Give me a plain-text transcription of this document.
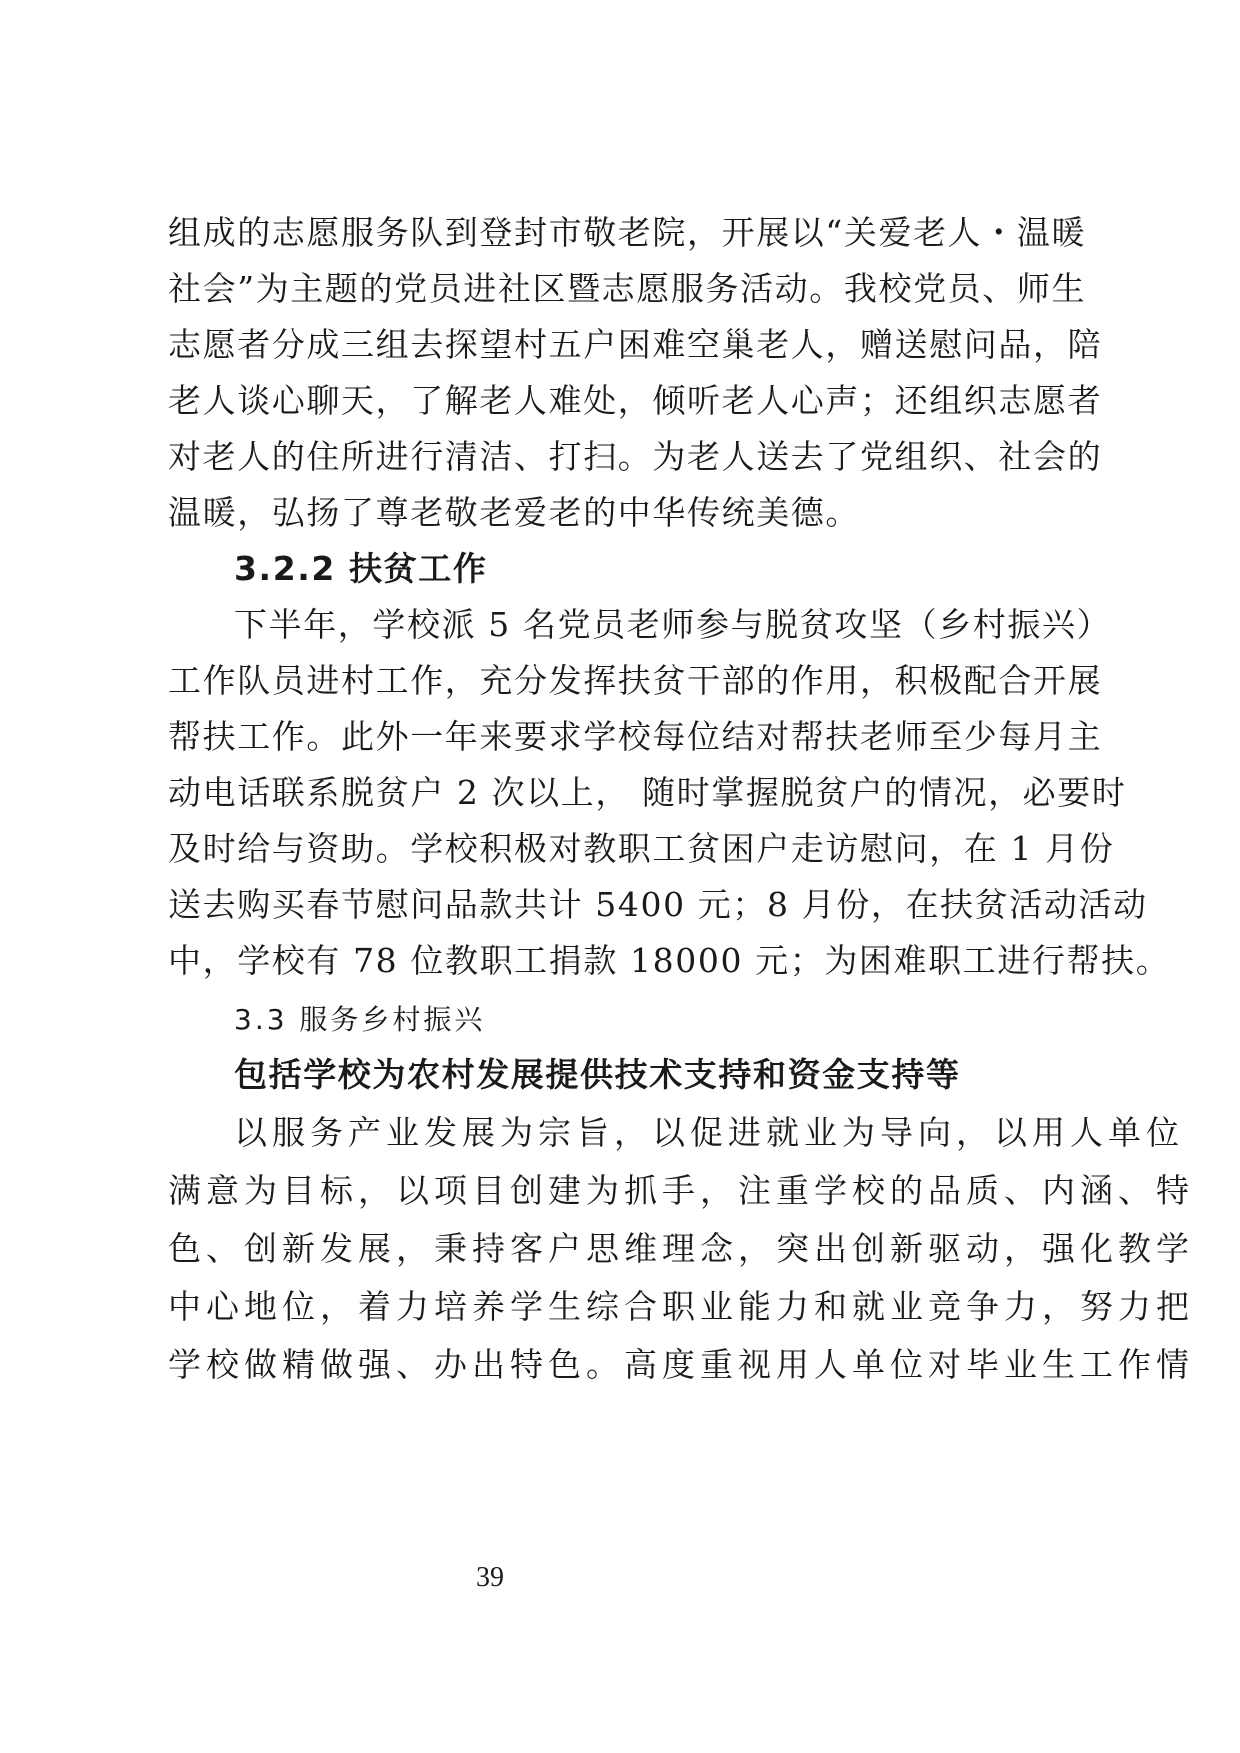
组成的志愿服务队到登封市敬老院，开展以“关爱老人・温暖
社会”为主题的党员进社区暨志愿服务活动。我校党员、师生
志愿者分成三组去探望村五户困难空巢老人，赠送慰问品，陪
老人谈心聊天，了解老人难处，倾听老人心声；还组织志愿者
对老人的住所进行清洁、打扫。为老人送去了党组织、社会的
温暖，弘扬了尊老敬老爱老的中华传统美德。
3.2.2 扶贫工作
下半年，学校派 5 名党员老师参与脱贫攻坚（乡村振兴）
工作队员进村工作，充分发挥扶贫干部的作用，积极配合开展
帮扶工作。此外一年来要求学校每位结对帮扶老师至少每月主
动电话联系脱贫户 2 次以上， 随时掌握脱贫户的情况，必要时
及时给与资助。学校积极对教职工贫困户走访慰问，在 1 月份
送去购买春节慰问品款共计 5400 元；8 月份，在扶贫活动活动
中，学校有 78 位教职工捐款 18000 元；为困难职工进行帮扶。
3.3 服务乡村振兴
包括学校为农村发展提供技术支持和资金支持等
以服务产业发展为宗旨，以促进就业为导向，以用人单位
满意为目标，以项目创建为抓手，注重学校的品质、内涵、特
色、创新发展，秉持客户思维理念，突出创新驱动，强化教学
中心地位，着力培养学生综合职业能力和就业竞争力，努力把
学校做精做强、办出特色。高度重视用人单位对毕业生工作情
39
